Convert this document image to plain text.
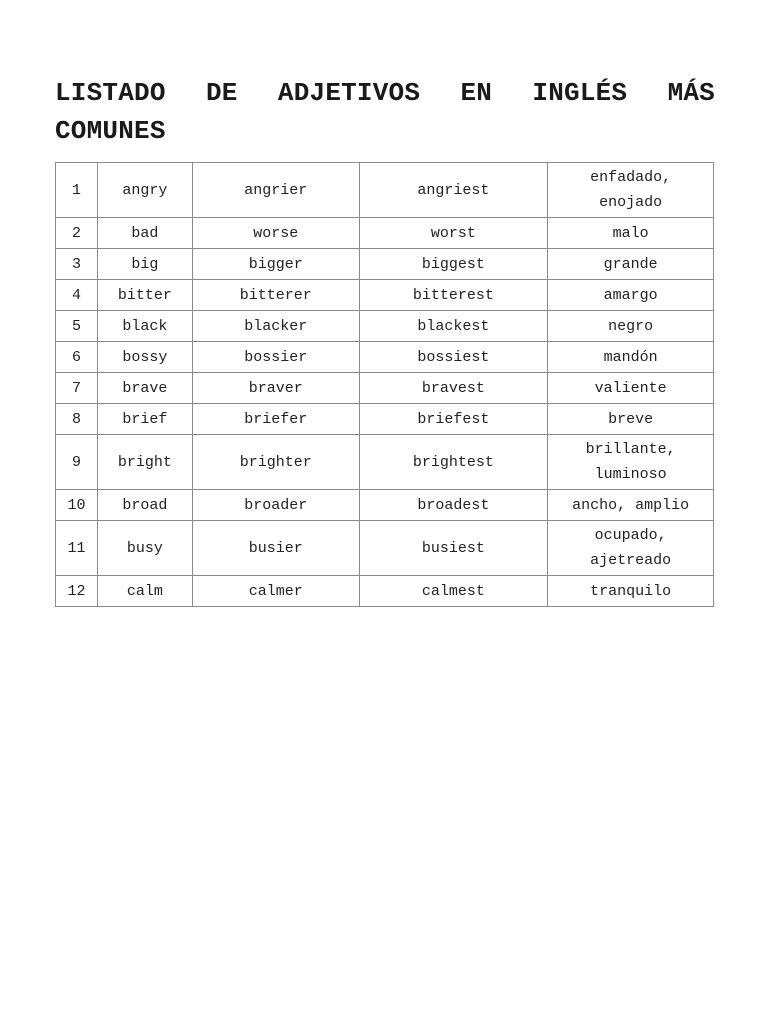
LISTADO DE ADJETIVOS EN INGLÉS MÁS COMUNES
1	angry	angrier	angriest	enfadado, enojado
2	bad	worse	worst	malo
3	big	bigger	biggest	grande
4	bitter	bitterer	bitterest	amargo
5	black	blacker	blackest	negro
6	bossy	bossier	bossiest	mandón
7	brave	braver	bravest	valiente
8	brief	briefer	briefest	breve
9	bright	brighter	brightest	brillante, luminoso
10	broad	broader	broadest	ancho, amplio
11	busy	busier	busiest	ocupado, ajetreado
12	calm	calmer	calmest	tranquilo
